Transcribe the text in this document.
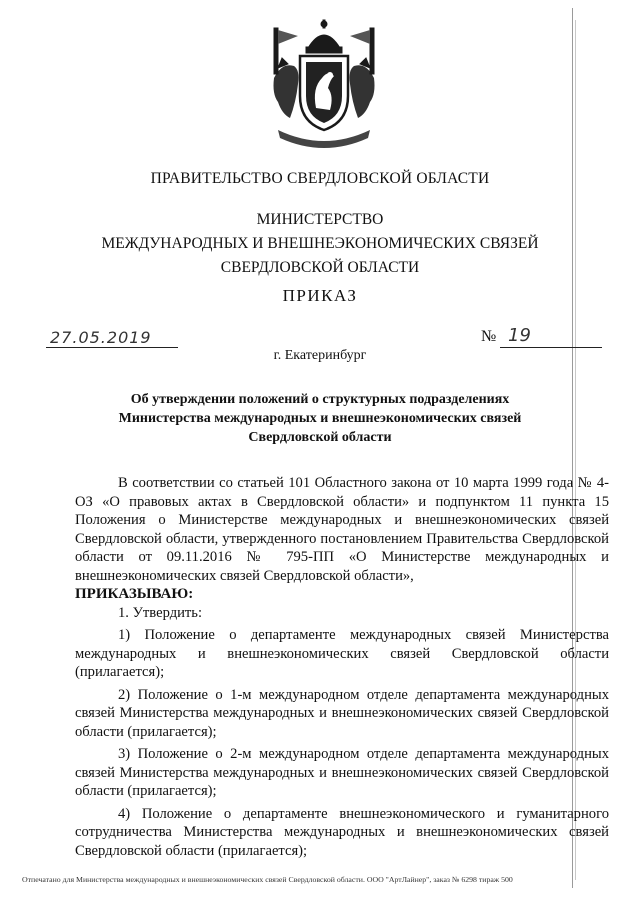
ПРАВИТЕЛЬСТВО СВЕРДЛОВСКОЙ ОБЛАСТИ
МИНИСТЕРСТВО
МЕЖДУНАРОДНЫХ И ВНЕШНЕЭКОНОМИЧЕСКИХ СВЯЗЕЙ
СВЕРДЛОВСКОЙ ОБЛАСТИ
ПРИКАЗ
27.05.2019	№ 19
г. Екатеринбург
Об утверждении положений о структурных подразделениях
Министерства международных и внешнеэкономических связей
Свердловской области

В соответствии со статьей 101 Областного закона от 10 марта 1999 года № 4-ОЗ «О правовых актах в Свердловской области» и подпунктом 11 пункта 15 Положения о Министерстве международных и внешнеэкономических связей Свердловской области, утвержденного постановлением Правительства Свердловской области от 09.11.2016 № 795-ПП «О Министерстве международных и внешнеэкономических связей Свердловской области»,

ПРИКАЗЫВАЮ:

1. Утвердить:

1) Положение о департаменте международных связей Министерства международных и внешнеэкономических связей Свердловской области (прилагается);

2) Положение о 1-м международном отделе департамента международных связей Министерства международных и внешнеэкономических связей Свердловской области (прилагается);

3) Положение о 2-м международном отделе департамента международных связей Министерства международных и внешнеэкономических связей Свердловской области (прилагается);

4) Положение о департаменте внешнеэкономического и гуманитарного сотрудничества Министерства международных и внешнеэкономических связей Свердловской области (прилагается);

Отпечатано для Министерства международных и внешнеэкономических связей Свердловской области. ООО "АртЛайнер", заказ № 6298 тираж 500
